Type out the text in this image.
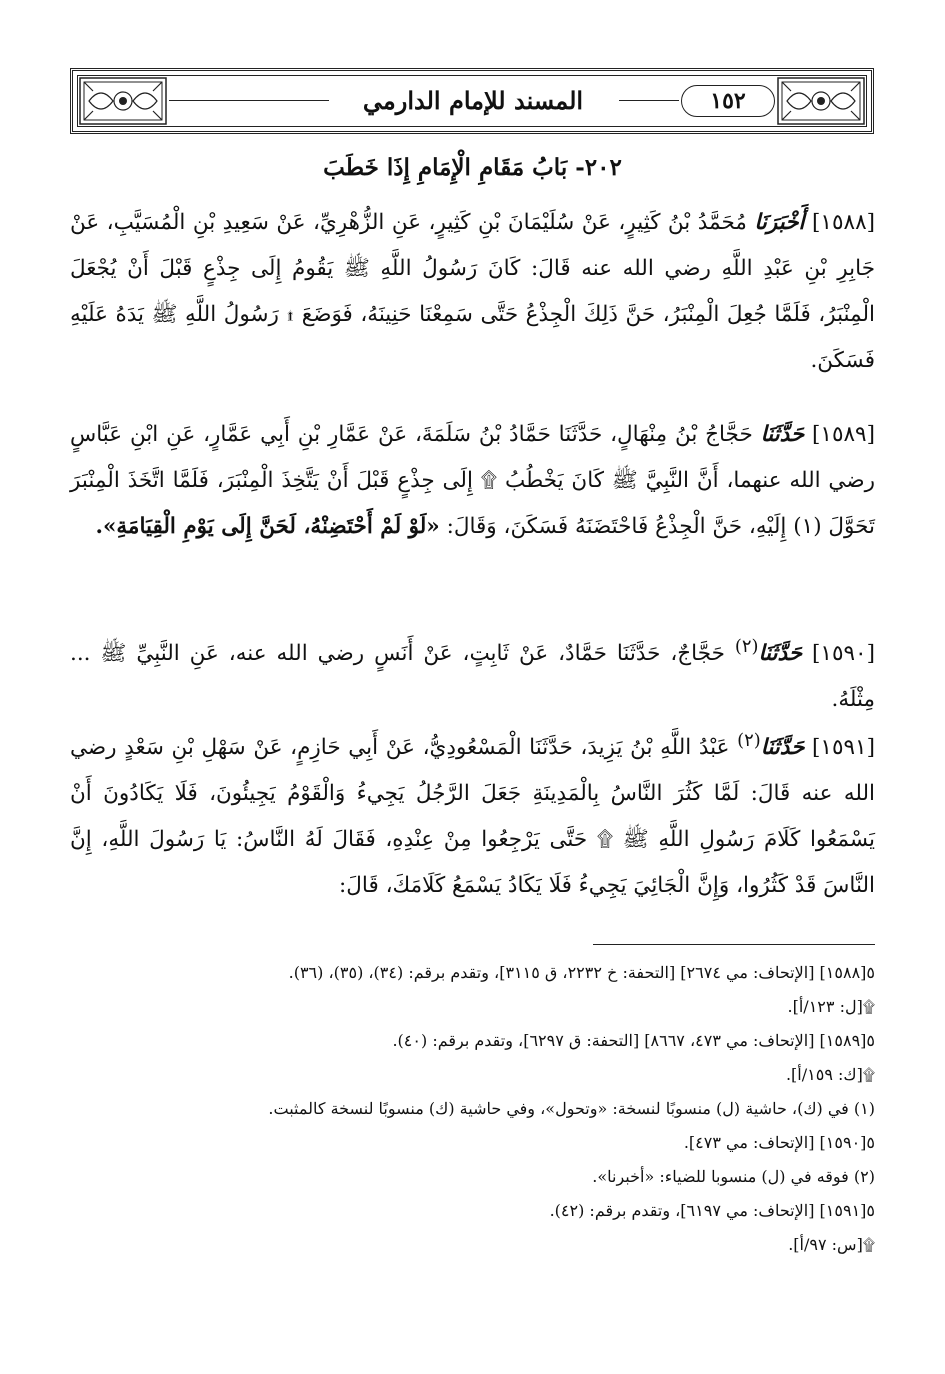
المسند للإمام الدارمي	١٥٢
٢٠٢- بَابُ مَقَامِ الْإِمَامِ إِذَا خَطَبَ
[١٥٨٨] أَخْبَرَنَا مُحَمَّدُ بْنُ كَثِيرٍ، عَنْ سُلَيْمَانَ بْنِ كَثِيرٍ، عَنِ الزُّهْرِيِّ، عَنْ سَعِيدِ بْنِ الْمُسَيَّبِ، عَنْ جَابِرِ بْنِ عَبْدِ اللَّهِ رضي الله عنه قَالَ: كَانَ رَسُولُ اللَّهِ ﷺ يَقُومُ إِلَى جِذْعٍ قَبْلَ أَنْ يُجْعَلَ الْمِنْبَرُ، فَلَمَّا جُعِلَ الْمِنْبَرُ، حَنَّ ذَلِكَ الْجِذْعُ حَتَّى سَمِعْنَا حَنِينَهُ، فَوَضَعَ ۩ رَسُولُ اللَّهِ ﷺ يَدَهُ عَلَيْهِ فَسَكَنَ.
[١٥٨٩] حَدَّثَنَا حَجَّاجُ بْنُ مِنْهَالٍ، حَدَّثَنَا حَمَّادُ بْنُ سَلَمَةَ، عَنْ عَمَّارِ بْنِ أَبِي عَمَّارٍ، عَنِ ابْنِ عَبَّاسٍ رضي الله عنهما، أَنَّ النَّبِيَّ ﷺ كَانَ يَخْطُبُ ۩ إِلَى جِذْعٍ قَبْلَ أَنْ يَتَّخِذَ الْمِنْبَرَ، فَلَمَّا اتَّخَذَ الْمِنْبَرَ تَحَوَّلَ (١) إِلَيْهِ، حَنَّ الْجِذْعُ فَاحْتَضَنَهُ فَسَكَنَ، وَقَالَ: «لَوْ لَمْ أَحْتَضِنْهُ، لَحَنَّ إِلَى يَوْمِ الْقِيَامَةِ».
[١٥٩٠] حَدَّثَنَا$^{(٢)}$ حَجَّاجٌ، حَدَّثَنَا حَمَّادٌ، عَنْ ثَابِتٍ، عَنْ أَنَسٍ رضي الله عنه، عَنِ النَّبِيِّ ﷺ ... مِثْلَهُ.
[١٥٩١] حَدَّثَنَا$^{(٢)}$ عَبْدُ اللَّهِ بْنُ يَزِيدَ، حَدَّثَنَا الْمَسْعُودِيُّ، عَنْ أَبِي حَازِمٍ، عَنْ سَهْلِ بْنِ سَعْدٍ رضي الله عنه قَالَ: لَمَّا كَثُرَ النَّاسُ بِالْمَدِينَةِ جَعَلَ الرَّجُلُ يَجِيءُ وَالْقَوْمُ يَجِيئُونَ، فَلَا يَكَادُونَ أَنْ يَسْمَعُوا كَلَامَ رَسُولِ اللَّهِ ﷺ ۩ حَتَّى يَرْجِعُوا مِنْ عِنْدِهِ، فَقَالَ لَهُ النَّاسُ: يَا رَسُولَ اللَّهِ، إِنَّ النَّاسَ قَدْ كَثُرُوا، وَإِنَّ الْجَائِيَ يَجِيءُ فَلَا يَكَادُ يَسْمَعُ كَلَامَكَ، قَالَ:
٥[١٥٨٨] [الإتحاف: مي ٢٦٧٤] [التحفة: خ ٢٢٣٢، ق ٣١١٥]، وتقدم برقم: (٣٤)، (٣٥)، (٣٦).
۩[ل: ١٢٣/أ].
٥[١٥٨٩] [الإتحاف: مي ٤٧٣، ٨٦٦٧] [التحفة: ق ٦٢٩٧]، وتقدم برقم: (٤٠).
۩[ك: ١٥٩/أ].
(١) في (ك)، حاشية (ل) منسوبًا لنسخة: «وتحول»، وفي حاشية (ك) منسوبًا لنسخة كالمثبت.
٥[١٥٩٠] [الإتحاف: مي ٤٧٣].
(٢) فوقه في (ل) منسوبا للضياء: «أخبرنا».
٥[١٥٩١] [الإتحاف: مي ٦١٩٧]، وتقدم برقم: (٤٢).
۩[س: ٩٧/أ].
